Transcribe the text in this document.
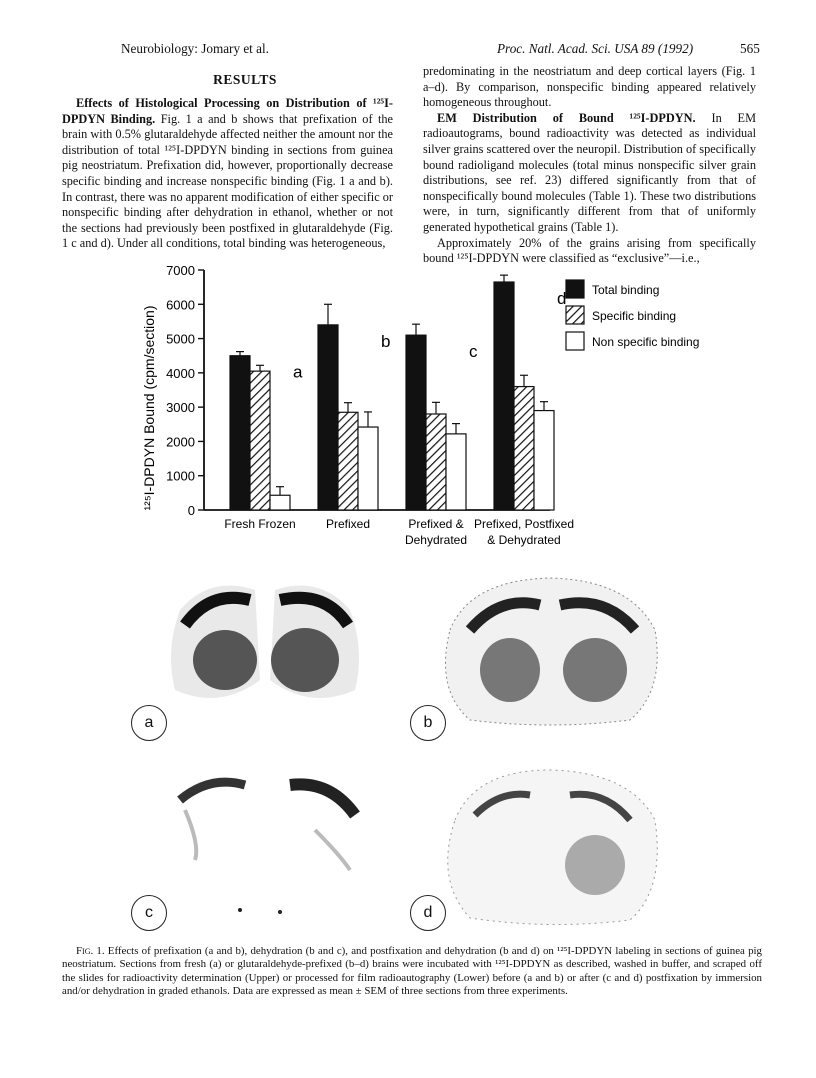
Neurobiology: Jomary et al.	Proc. Natl. Acad. Sci. USA 89 (1992)	565
RESULTS

Effects of Histological Processing on Distribution of ¹²⁵I-DPDYN Binding. Fig. 1 a and b shows that prefixation of the brain with 0.5% glutaraldehyde affected neither the amount nor the distribution of total ¹²⁵I-DPDYN binding in sections from guinea pig neostriatum. Prefixation did, however, proportionally decrease specific binding and increase nonspecific binding (Fig. 1 a and b). In contrast, there was no apparent modification of either specific or nonspecific binding after dehydration in ethanol, whether or not the sections had previously been postfixed in glutaraldehyde (Fig. 1 c and d). Under all conditions, total binding was heterogeneous,

predominating in the neostriatum and deep cortical layers (Fig. 1 a–d). By comparison, nonspecific binding appeared relatively homogeneous throughout.

EM Distribution of Bound ¹²⁵I-DPDYN. In EM radioautograms, bound radioactivity was detected as individual silver grains scattered over the neuropil. Distribution of specifically bound radioligand molecules (total minus nonspecific silver grain distributions, see ref. 23) differed significantly from that of nonspecifically bound molecules (Table 1). These two distributions were, in turn, significantly different from that of uniformly generated hypothetical grains (Table 1).

Approximately 20% of the grains arising from specifically bound ¹²⁵I-DPDYN were classified as “exclusive”—i.e.,

¹²⁵I-DPDYN Bound (cpm/section)
0
1000
2000
3000
4000
5000
6000
7000
a
Fresh Frozen
b
Prefixed
c
Prefixed &
Dehydrated
d
Prefixed, Postfixed
& Dehydrated
Total binding
Specific binding
Non specific binding
a	b
c	d

Fig. 1. Effects of prefixation (a and b), dehydration (b and c), and postfixation and dehydration (b and d) on ¹²⁵I-DPDYN labeling in sections of guinea pig neostriatum. Sections from fresh (a) or glutaraldehyde-prefixed (b–d) brains were incubated with ¹²⁵I-DPDYN as described, washed in buffer, and scraped off the slides for radioactivity determination (Upper) or processed for film radioautography (Lower) before (a and b) or after (c and d) postfixation by immersion and/or dehydration in graded ethanols. Data are expressed as mean ± SEM of three sections from three experiments.
